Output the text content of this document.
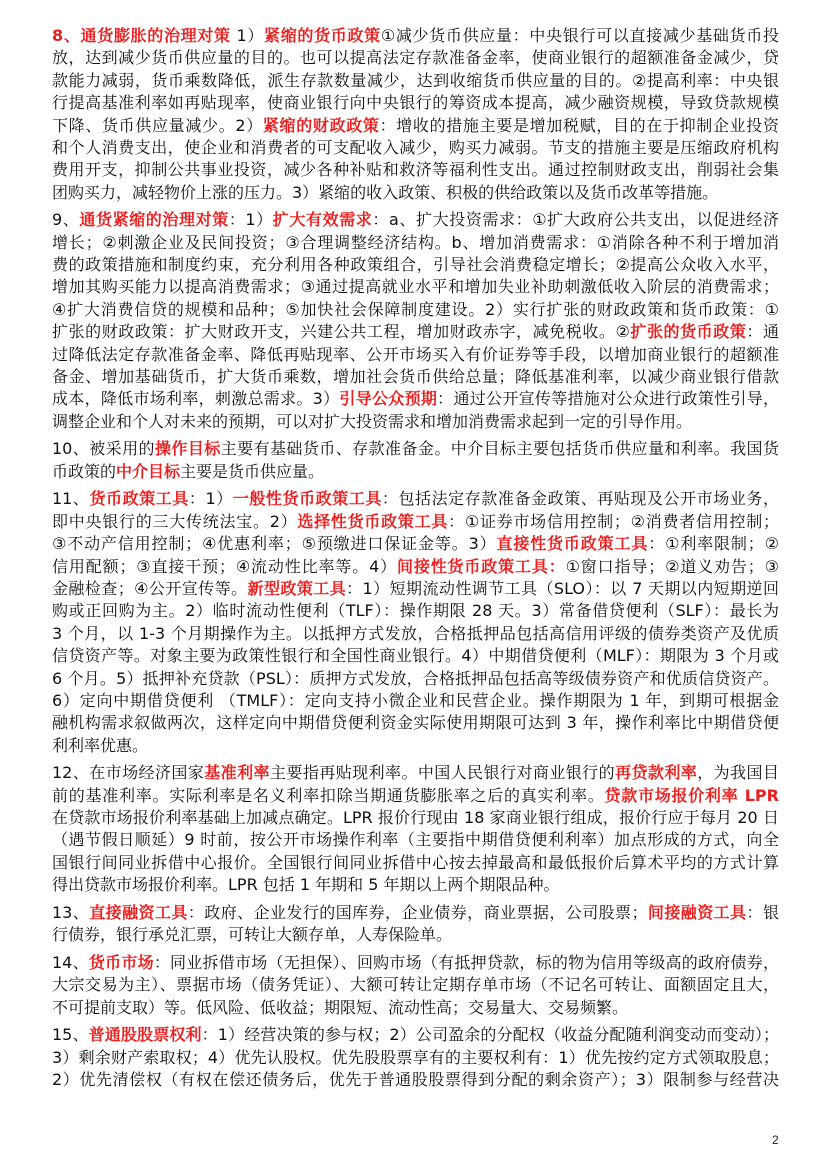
8、通货膨胀的治理对策 1）紧缩的货币政策①减少货币供应量：中央银行可以直接减少基础货币投
放，达到减少货币供应量的目的。也可以提高法定存款准备金率，使商业银行的超额准备金减少，贷
款能力减弱，货币乘数降低，派生存款数量减少，达到收缩货币供应量的目的。②提高利率：中央银
行提高基准利率如再贴现率，使商业银行向中央银行的筹资成本提高，减少融资规模，导致贷款规模
下降、货币供应量减少。2）紧缩的财政政策：增收的措施主要是增加税赋，目的在于抑制企业投资
和个人消费支出，使企业和消费者的可支配收入减少，购买力减弱。节支的措施主要是压缩政府机构
费用开支，抑制公共事业投资，减少各种补贴和救济等福利性支出。通过控制财政支出，削弱社会集
团购买力，减轻物价上涨的压力。3）紧缩的收入政策、积极的供给政策以及货币改革等措施。
9、通货紧缩的治理对策：1）扩大有效需求：a、扩大投资需求：①扩大政府公共支出，以促进经济
增长；②刺激企业及民间投资；③合理调整经济结构。b、增加消费需求：①消除各种不利于增加消
费的政策措施和制度约束，充分利用各种政策组合，引导社会消费稳定增长；②提高公众收入水平，
增加其购买能力以提高消费需求；③通过提高就业水平和增加失业补助刺激低收入阶层的消费需求；
④扩大消费信贷的规模和品种；⑤加快社会保障制度建设。2）实行扩张的财政政策和货币政策：①
扩张的财政政策：扩大财政开支，兴建公共工程，增加财政赤字，减免税收。②扩张的货币政策：通
过降低法定存款准备金率、降低再贴现率、公开市场买入有价证券等手段，以增加商业银行的超额准
备金、增加基础货币，扩大货币乘数，增加社会货币供给总量；降低基准利率，以减少商业银行借款
成本，降低市场利率，刺激总需求。3）引导公众预期：通过公开宣传等措施对公众进行政策性引导，
调整企业和个人对未来的预期，可以对扩大投资需求和增加消费需求起到一定的引导作用。
10、被采用的操作目标主要有基础货币、存款准备金。中介目标主要包括货币供应量和利率。我国货
币政策的中介目标主要是货币供应量。
11、货币政策工具：1）一般性货币政策工具：包括法定存款准备金政策、再贴现及公开市场业务，
即中央银行的三大传统法宝。2）选择性货币政策工具：①证券市场信用控制；②消费者信用控制；
③不动产信用控制；④优惠利率；⑤预缴进口保证金等。3）直接性货币政策工具：①利率限制；②
信用配额；③直接干预；④流动性比率等。4）间接性货币政策工具：①窗口指导；②道义劝告；③
金融检查；④公开宣传等。新型政策工具：1）短期流动性调节工具（SLO）：以 7 天期以内短期逆回
购或正回购为主。2）临时流动性便利（TLF）：操作期限 28 天。3）常备借贷便利（SLF）：最长为
3 个月，以 1-3 个月期操作为主。以抵押方式发放，合格抵押品包括高信用评级的债券类资产及优质
信贷资产等。对象主要为政策性银行和全国性商业银行。4）中期借贷便利（MLF）：期限为 3 个月或
6 个月。5）抵押补充贷款（PSL）：质押方式发放，合格抵押品包括高等级债券资产和优质信贷资产。
6）定向中期借贷便利 （TMLF）：定向支持小微企业和民营企业。操作期限为 1 年，到期可根据金
融机构需求叙做两次，这样定向中期借贷便利资金实际使用期限可达到 3 年，操作利率比中期借贷便
利利率优惠。
12、在市场经济国家基准利率主要指再贴现利率。中国人民银行对商业银行的再贷款利率，为我国目
前的基准利率。实际利率是名义利率扣除当期通货膨胀率之后的真实利率。贷款市场报价利率 LPR
在贷款市场报价利率基础上加减点确定。LPR 报价行现由 18 家商业银行组成，报价行应于每月 20 日
（遇节假日顺延）9 时前，按公开市场操作利率（主要指中期借贷便利利率）加点形成的方式，向全
国银行间同业拆借中心报价。全国银行间同业拆借中心按去掉最高和最低报价后算术平均的方式计算
得出贷款市场报价利率。LPR 包括 1 年期和 5 年期以上两个期限品种。
13、直接融资工具：政府、企业发行的国库券，企业债券，商业票据，公司股票；间接融资工具：银
行债券，银行承兑汇票，可转让大额存单，人寿保险单。
14、货币市场：同业拆借市场（无担保）、回购市场（有抵押贷款，标的物为信用等级高的政府债券，
大宗交易为主）、票据市场（债务凭证）、大额可转让定期存单市场（不记名可转让、面额固定且大，
不可提前支取）等。低风险、低收益；期限短、流动性高；交易量大、交易频繁。
15、普通股股票权利：1）经营决策的参与权；2）公司盈余的分配权（收益分配随利润变动而变动）；
3）剩余财产索取权；4）优先认股权。优先股股票享有的主要权利有：1）优先按约定方式领取股息；
2）优先清偿权（有权在偿还债务后，优先于普通股股票得到分配的剩余资产）；3）限制参与经营决
2
